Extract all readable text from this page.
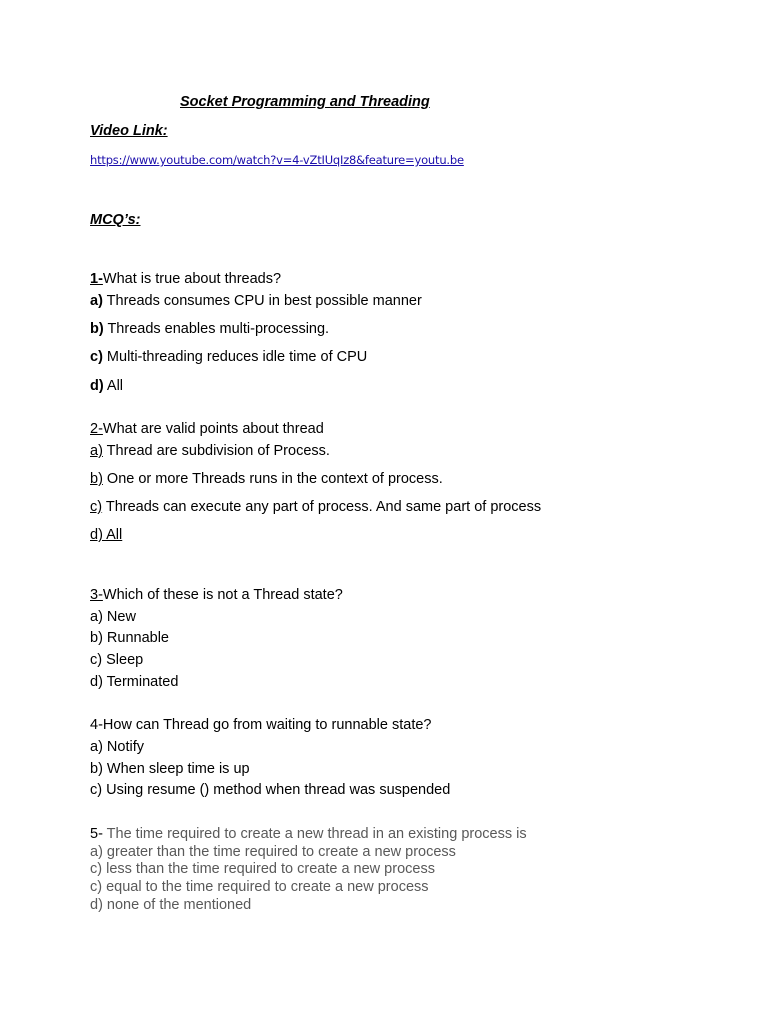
Socket Programming and Threading
Video Link:
https://www.youtube.com/watch?v=4-vZtIUqIz8&feature=youtu.be
MCQ’s:
1-What is true about threads?
a) Threads consumes CPU in best possible manner
b) Threads enables multi-processing.
c) Multi-threading reduces idle time of CPU
d) All
2-What are valid points about thread
a) Thread are subdivision of Process.
b) One or more Threads runs in the context of process.
c) Threads can execute any part of process. And same part of process
d) All
3-Which of these is not a Thread state?
a) New
b) Runnable
c) Sleep
d) Terminated
4-How can Thread go from waiting to runnable state?
a) Notify
b) When sleep time is up
c) Using resume () method when thread was suspended
5- The time required to create a new thread in an existing process is
a) greater than the time required to create a new process
c) less than the time required to create a new process
c) equal to the time required to create a new process
d) none of the mentioned
